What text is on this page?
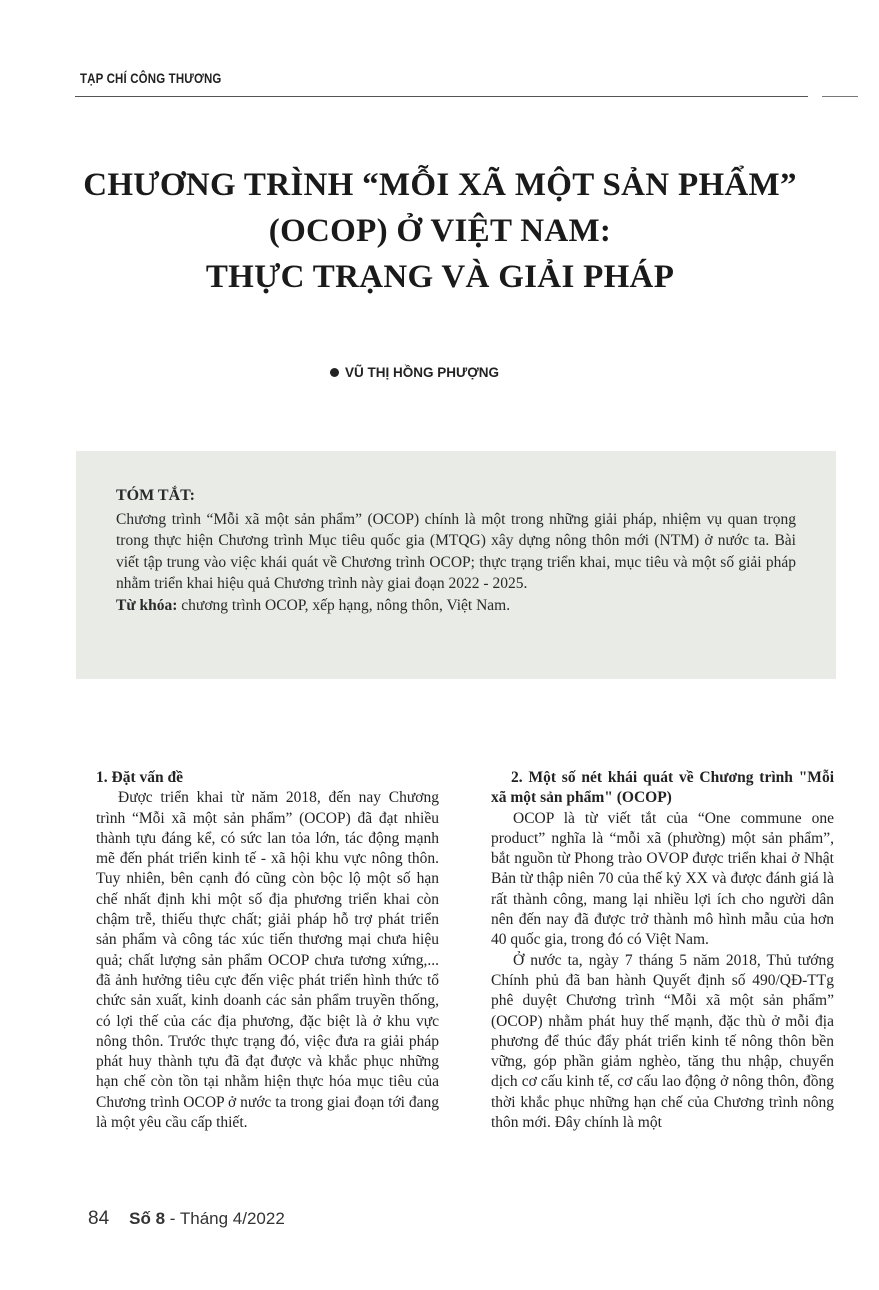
TẠP CHÍ CÔNG THƯƠNG
CHƯƠNG TRÌNH “MỖI XÃ MỘT SẢN PHẨM”
(OCOP) Ở VIỆT NAM:
THỰC TRẠNG VÀ GIẢI PHÁP
VŨ THỊ HỒNG PHƯỢNG
TÓM TẮT:
Chương trình “Mỗi xã một sản phẩm” (OCOP) chính là một trong những giải pháp, nhiệm vụ quan trọng trong thực hiện Chương trình Mục tiêu quốc gia (MTQG) xây dựng nông thôn mới (NTM) ở nước ta. Bài viết tập trung vào việc khái quát về Chương trình OCOP; thực trạng triển khai, mục tiêu và một số giải pháp nhằm triển khai hiệu quả Chương trình này giai đoạn 2022 - 2025.
Từ khóa: chương trình OCOP, xếp hạng, nông thôn, Việt Nam.
1. Đặt vấn đề
Được triển khai từ năm 2018, đến nay Chương trình “Mỗi xã một sản phẩm” (OCOP) đã đạt nhiều thành tựu đáng kể, có sức lan tỏa lớn, tác động mạnh mẽ đến phát triển kinh tế - xã hội khu vực nông thôn. Tuy nhiên, bên cạnh đó cũng còn bộc lộ một số hạn chế nhất định khi một số địa phương triển khai còn chậm trễ, thiếu thực chất; giải pháp hỗ trợ phát triển sản phẩm và công tác xúc tiến thương mại chưa hiệu quả; chất lượng sản phẩm OCOP chưa tương xứng,... đã ảnh hưởng tiêu cực đến việc phát triển hình thức tổ chức sản xuất, kinh doanh các sản phẩm truyền thống, có lợi thế của các địa phương, đặc biệt là ở khu vực nông thôn. Trước thực trạng đó, việc đưa ra giải pháp phát huy thành tựu đã đạt được và khắc phục những hạn chế còn tồn tại nhằm hiện thực hóa mục tiêu của Chương trình OCOP ở nước ta trong giai đoạn tới đang là một yêu cầu cấp thiết.
2. Một số nét khái quát về Chương trình "Mỗi xã một sản phẩm" (OCOP)
OCOP là từ viết tắt của “One commune one product” nghĩa là “mỗi xã (phường) một sản phẩm”, bắt nguồn từ Phong trào OVOP được triển khai ở Nhật Bản từ thập niên 70 của thế kỷ XX và được đánh giá là rất thành công, mang lại nhiều lợi ích cho người dân nên đến nay đã được trở thành mô hình mẫu của hơn 40 quốc gia, trong đó có Việt Nam.
Ở nước ta, ngày 7 tháng 5 năm 2018, Thủ tướng Chính phủ đã ban hành Quyết định số 490/QĐ-TTg phê duyệt Chương trình “Mỗi xã một sản phẩm” (OCOP) nhằm phát huy thế mạnh, đặc thù ở mỗi địa phương để thúc đẩy phát triển kinh tế nông thôn bền vững, góp phần giảm nghèo, tăng thu nhập, chuyển dịch cơ cấu kinh tế, cơ cấu lao động ở nông thôn, đồng thời khắc phục những hạn chế của Chương trình nông thôn mới. Đây chính là một
84 Số 8 - Tháng 4/2022
